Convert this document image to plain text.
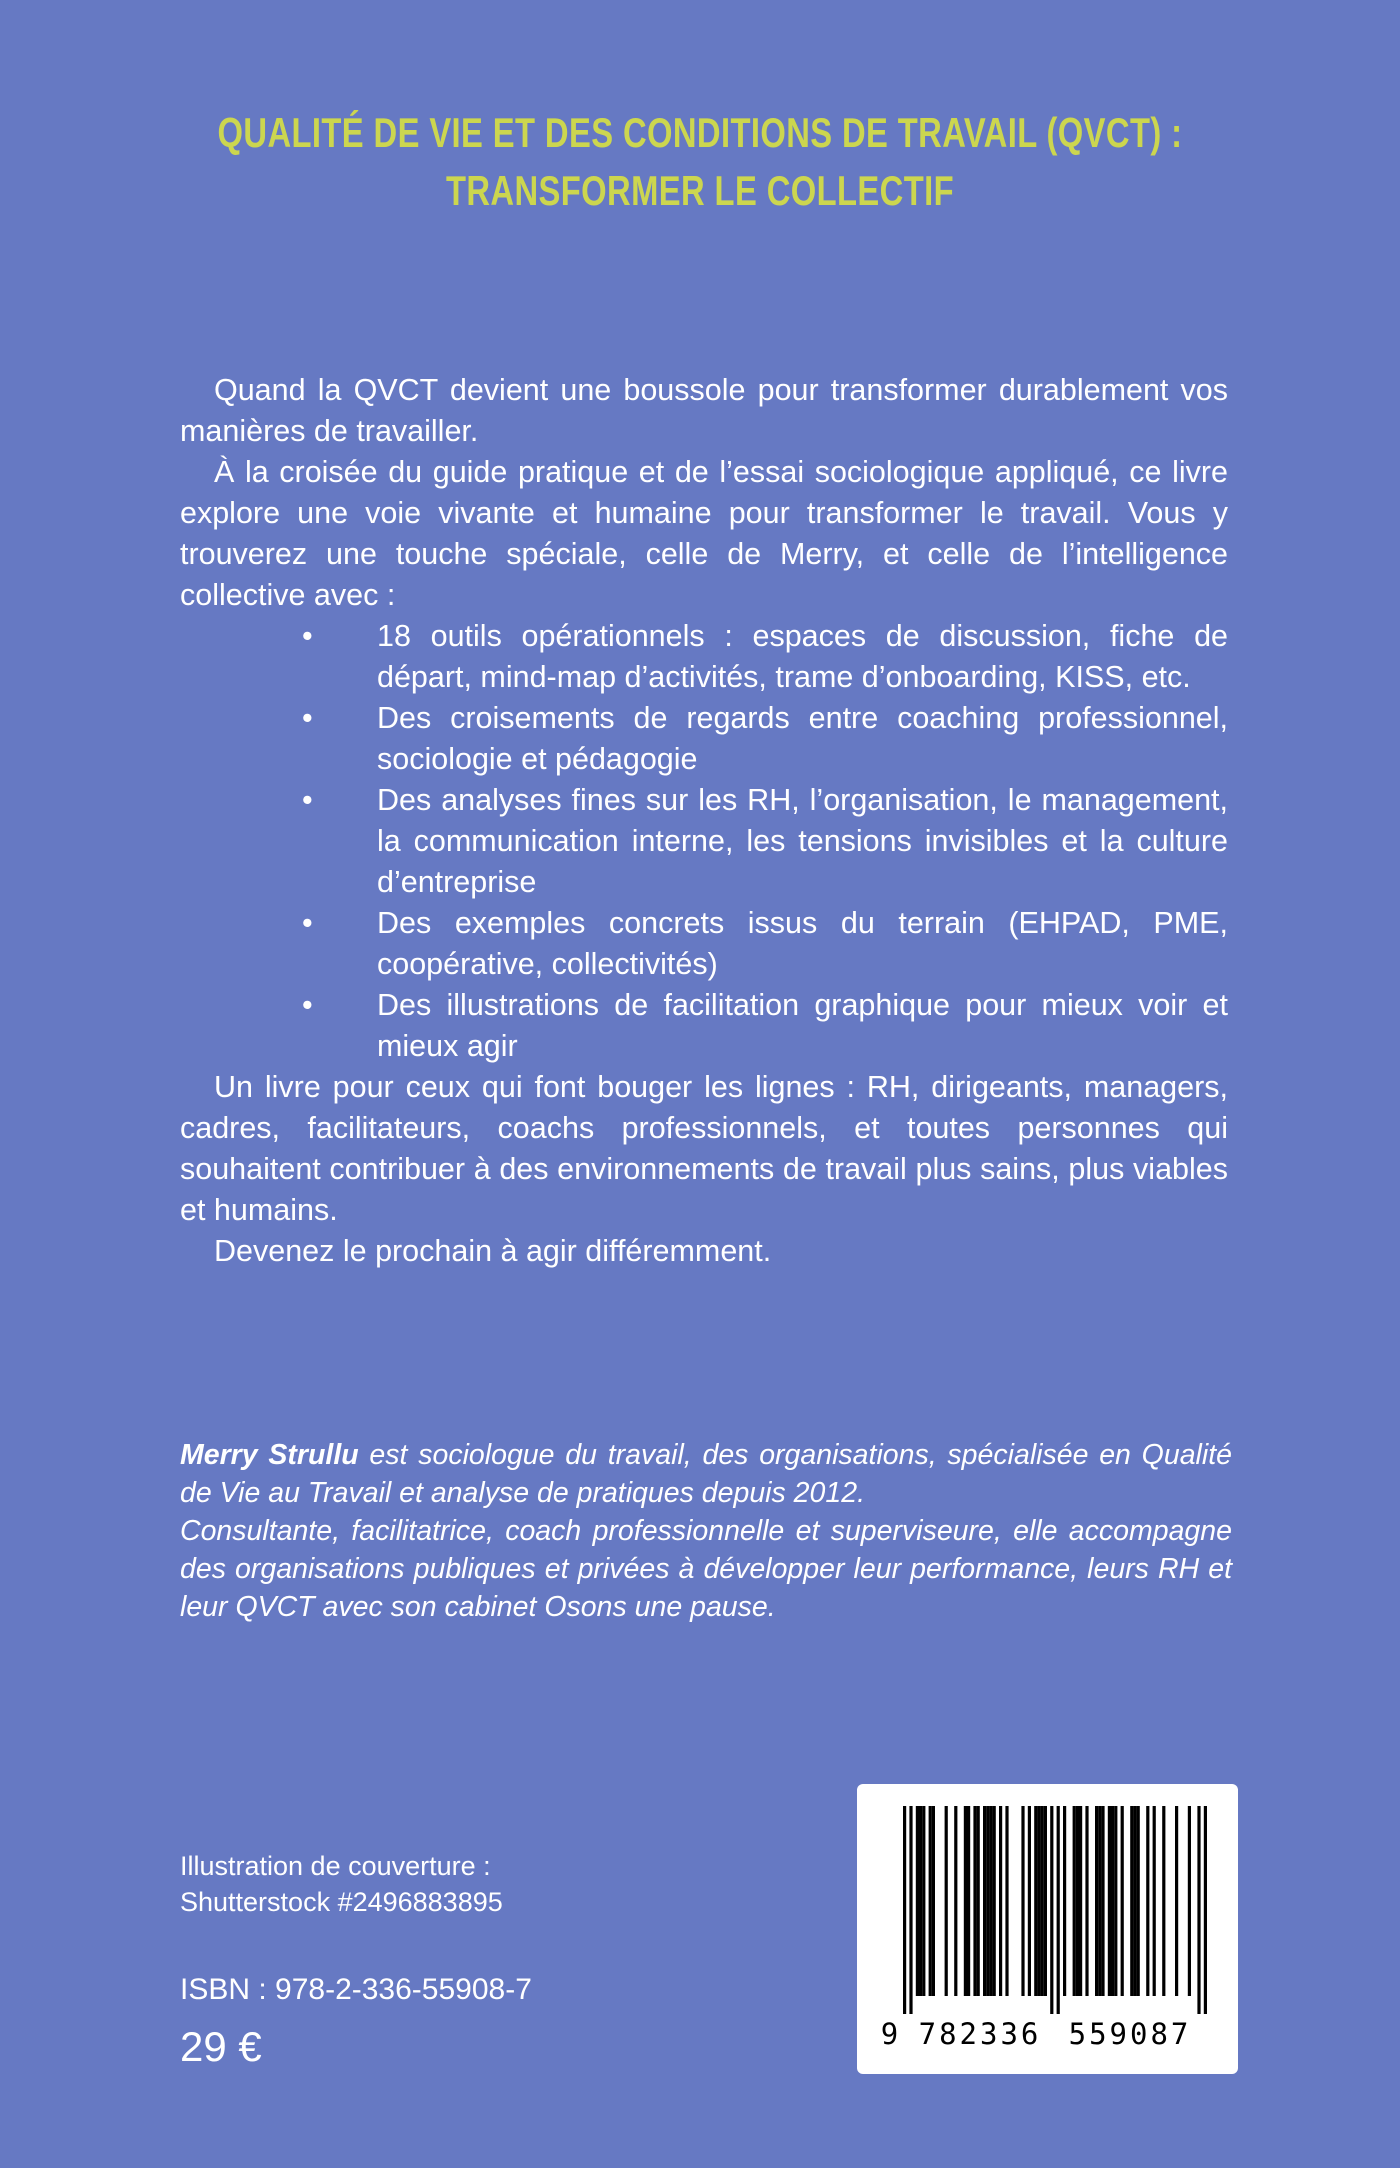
QUALITÉ DE VIE ET DES CONDITIONS DE TRAVAIL (QVCT) :
TRANSFORMER LE COLLECTIF

Quand la QVCT devient une boussole pour transformer durablement vos manières de travailler.

À la croisée du guide pratique et de l’essai sociologique appliqué, ce livre explore une voie vivante et humaine pour transformer le travail. Vous y trouverez une touche spéciale, celle de Merry, et celle de l’intelligence collective avec :

• 18 outils opérationnels : espaces de discussion, fiche de départ, mind-map d’activités, trame d’onboarding, KISS, etc.
• Des croisements de regards entre coaching professionnel, sociologie et pédagogie
• Des analyses fines sur les RH, l’organisation, le management, la communication interne, les tensions invisibles et la culture d’entreprise
• Des exemples concrets issus du terrain (EHPAD, PME, coopérative, collectivités)
• Des illustrations de facilitation graphique pour mieux voir et mieux agir

Un livre pour ceux qui font bouger les lignes : RH, dirigeants, managers, cadres, facilitateurs, coachs professionnels, et toutes personnes qui souhaitent contribuer à des environnements de travail plus sains, plus viables et humains.

Devenez le prochain à agir différemment.

Merry Strullu est sociologue du travail, des organisations, spécialisée en Qualité de Vie au Travail et analyse de pratiques depuis 2012.

Consultante, facilitatrice, coach professionnelle et superviseure, elle accompagne des organisations publiques et privées à développer leur performance, leurs RH et leur QVCT avec son cabinet Osons une pause.

Illustration de couverture :
Shutterstock #2496883895
ISBN : 978-2-336-55908-7
29 €	9 782336 559087
